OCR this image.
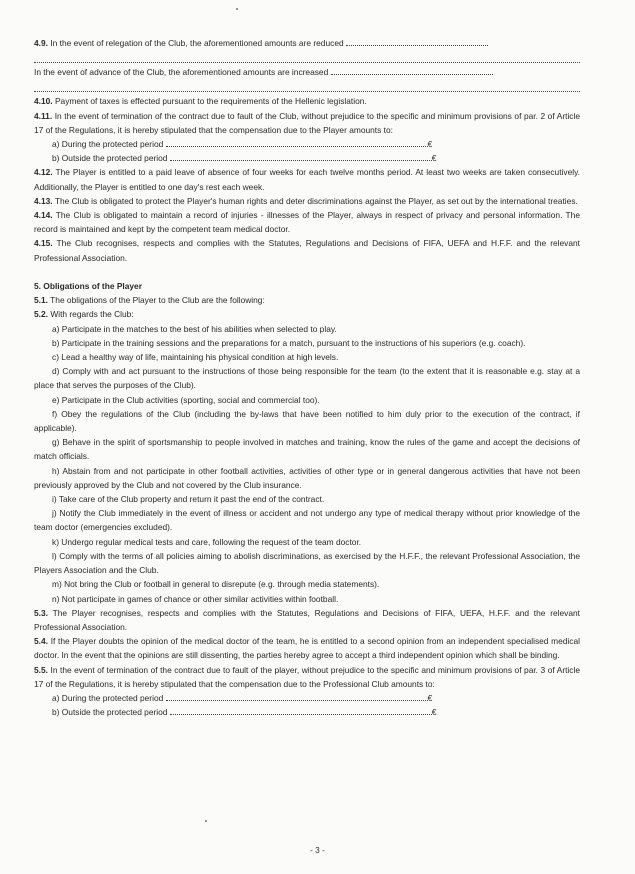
4.9. In the event of relegation of the Club, the aforementioned amounts are reduced

In the event of advance of the Club, the aforementioned amounts are increased

4.10. Payment of taxes is effected pursuant to the requirements of the Hellenic legislation.

4.11. In the event of termination of the contract due to fault of the Club, without prejudice to the specific and minimum provisions of par. 2 of Article 17 of the Regulations, it is hereby stipulated that the compensation due to the Player amounts to:

a) During the protected period	€

b) Outside the protected period	€

4.12. The Player is entitled to a paid leave of absence of four weeks for each twelve months period. At least two weeks are taken consecutively. Additionally, the Player is entitled to one day's rest each week.

4.13. The Club is obligated to protect the Player's human rights and deter discriminations against the Player, as set out by the international treaties.

4.14. The Club is obligated to maintain a record of injuries - illnesses of the Player, always in respect of privacy and personal information. The record is maintained and kept by the competent team medical doctor.

4.15. The Club recognises, respects and complies with the Statutes, Regulations and Decisions of FIFA, UEFA and H.F.F. and the relevant Professional Association.

5. Obligations of the Player

5.1. The obligations of the Player to the Club are the following:

5.2. With regards the Club:

a) Participate in the matches to the best of his abilities when selected to play.

b) Participate in the training sessions and the preparations for a match, pursuant to the instructions of his superiors (e.g. coach).

c) Lead a healthy way of life, maintaining his physical condition at high levels.

d) Comply with and act pursuant to the instructions of those being responsible for the team (to the extent that it is reasonable e.g. stay at a place that serves the purposes of the Club).

e) Participate in the Club activities (sporting, social and commercial too).

f) Obey the regulations of the Club (including the by-laws that have been notified to him duly prior to the execution of the contract, if applicable).

g) Behave in the spirit of sportsmanship to people involved in matches and training, know the rules of the game and accept the decisions of match officials.

h) Abstain from and not participate in other football activities, activities of other type or in general dangerous activities that have not been previously approved by the Club and not covered by the Club insurance.

i) Take care of the Club property and return it past the end of the contract.

j) Notify the Club immediately in the event of illness or accident and not undergo any type of medical therapy without prior knowledge of the team doctor (emergencies excluded).

k) Undergo regular medical tests and care, following the request of the team doctor.

l) Comply with the terms of all policies aiming to abolish discriminations, as exercised by the H.F.F., the relevant Professional Association, the Players Association and the Club.

m) Not bring the Club or football in general to disrepute (e.g. through media statements).

n) Not participate in games of chance or other similar activities within football.

5.3. The Player recognises, respects and complies with the Statutes, Regulations and Decisions of FIFA, UEFA, H.F.F. and the relevant Professional Association.

5.4. If the Player doubts the opinion of the medical doctor of the team, he is entitled to a second opinion from an independent specialised medical doctor. In the event that the opinions are still dissenting, the parties hereby agree to accept a third independent opinion which shall be binding.

5.5. In the event of termination of the contract due to fault of the player, without prejudice to the specific and minimum provisions of par. 3 of Article 17 of the Regulations, it is hereby stipulated that the compensation due to the Professional Club amounts to:

a) During the protected period	€

b) Outside the protected period	€

- 3 -
